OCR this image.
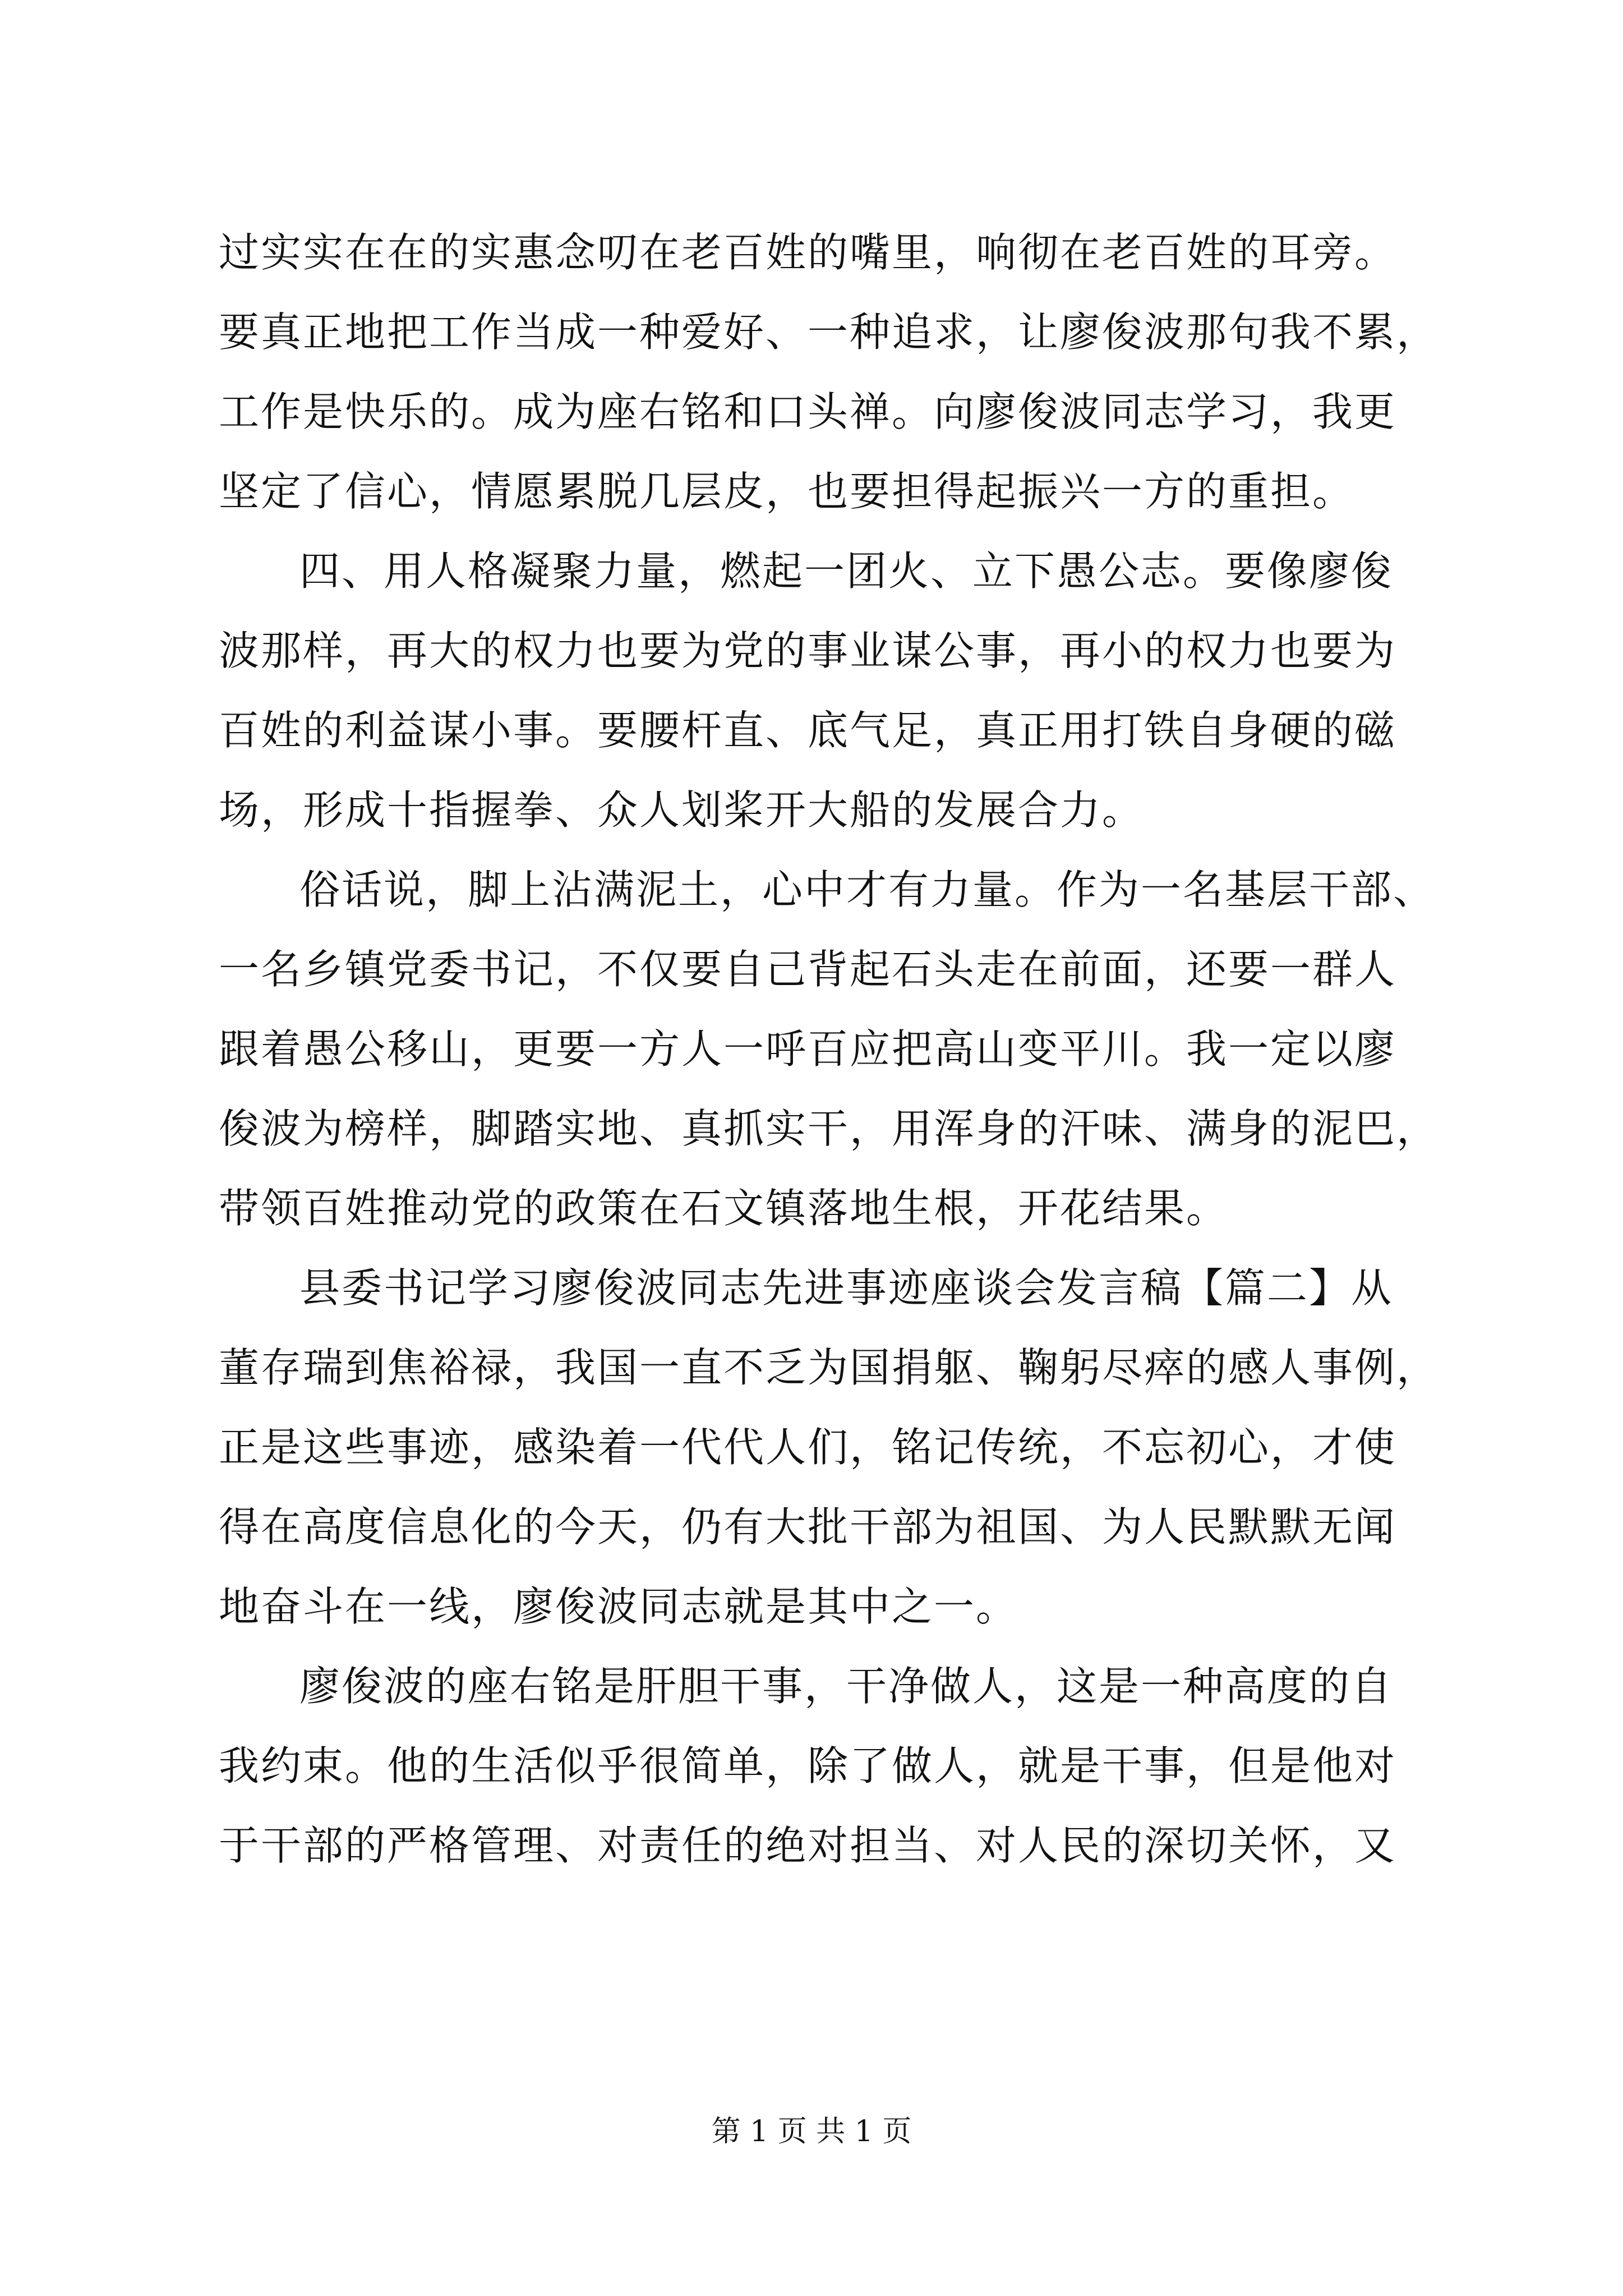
过实实在在的实惠念叨在老百姓的嘴里，响彻在老百姓的耳旁。
要真正地把工作当成一种爱好、一种追求，让廖俊波那句我不累，
工作是快乐的。成为座右铭和口头禅。向廖俊波同志学习，我更
坚定了信心，情愿累脱几层皮，也要担得起振兴一方的重担。
四、用人格凝聚力量，燃起一团火、立下愚公志。要像廖俊
波那样，再大的权力也要为党的事业谋公事，再小的权力也要为
百姓的利益谋小事。要腰杆直、底气足，真正用打铁自身硬的磁
场，形成十指握拳、众人划桨开大船的发展合力。
俗话说，脚上沾满泥土，心中才有力量。作为一名基层干部、
一名乡镇党委书记，不仅要自己背起石头走在前面，还要一群人
跟着愚公移山，更要一方人一呼百应把高山变平川。我一定以廖
俊波为榜样，脚踏实地、真抓实干，用浑身的汗味、满身的泥巴，
带领百姓推动党的政策在石文镇落地生根，开花结果。
县委书记学习廖俊波同志先进事迹座谈会发言稿【篇二】从
董存瑞到焦裕禄，我国一直不乏为国捐躯、鞠躬尽瘁的感人事例，
正是这些事迹，感染着一代代人们，铭记传统，不忘初心，才使
得在高度信息化的今天，仍有大批干部为祖国、为人民默默无闻
地奋斗在一线，廖俊波同志就是其中之一。
廖俊波的座右铭是肝胆干事，干净做人，这是一种高度的自
我约束。他的生活似乎很简单，除了做人，就是干事，但是他对
于干部的严格管理、对责任的绝对担当、对人民的深切关怀，又
第 1 页 共 1 页
